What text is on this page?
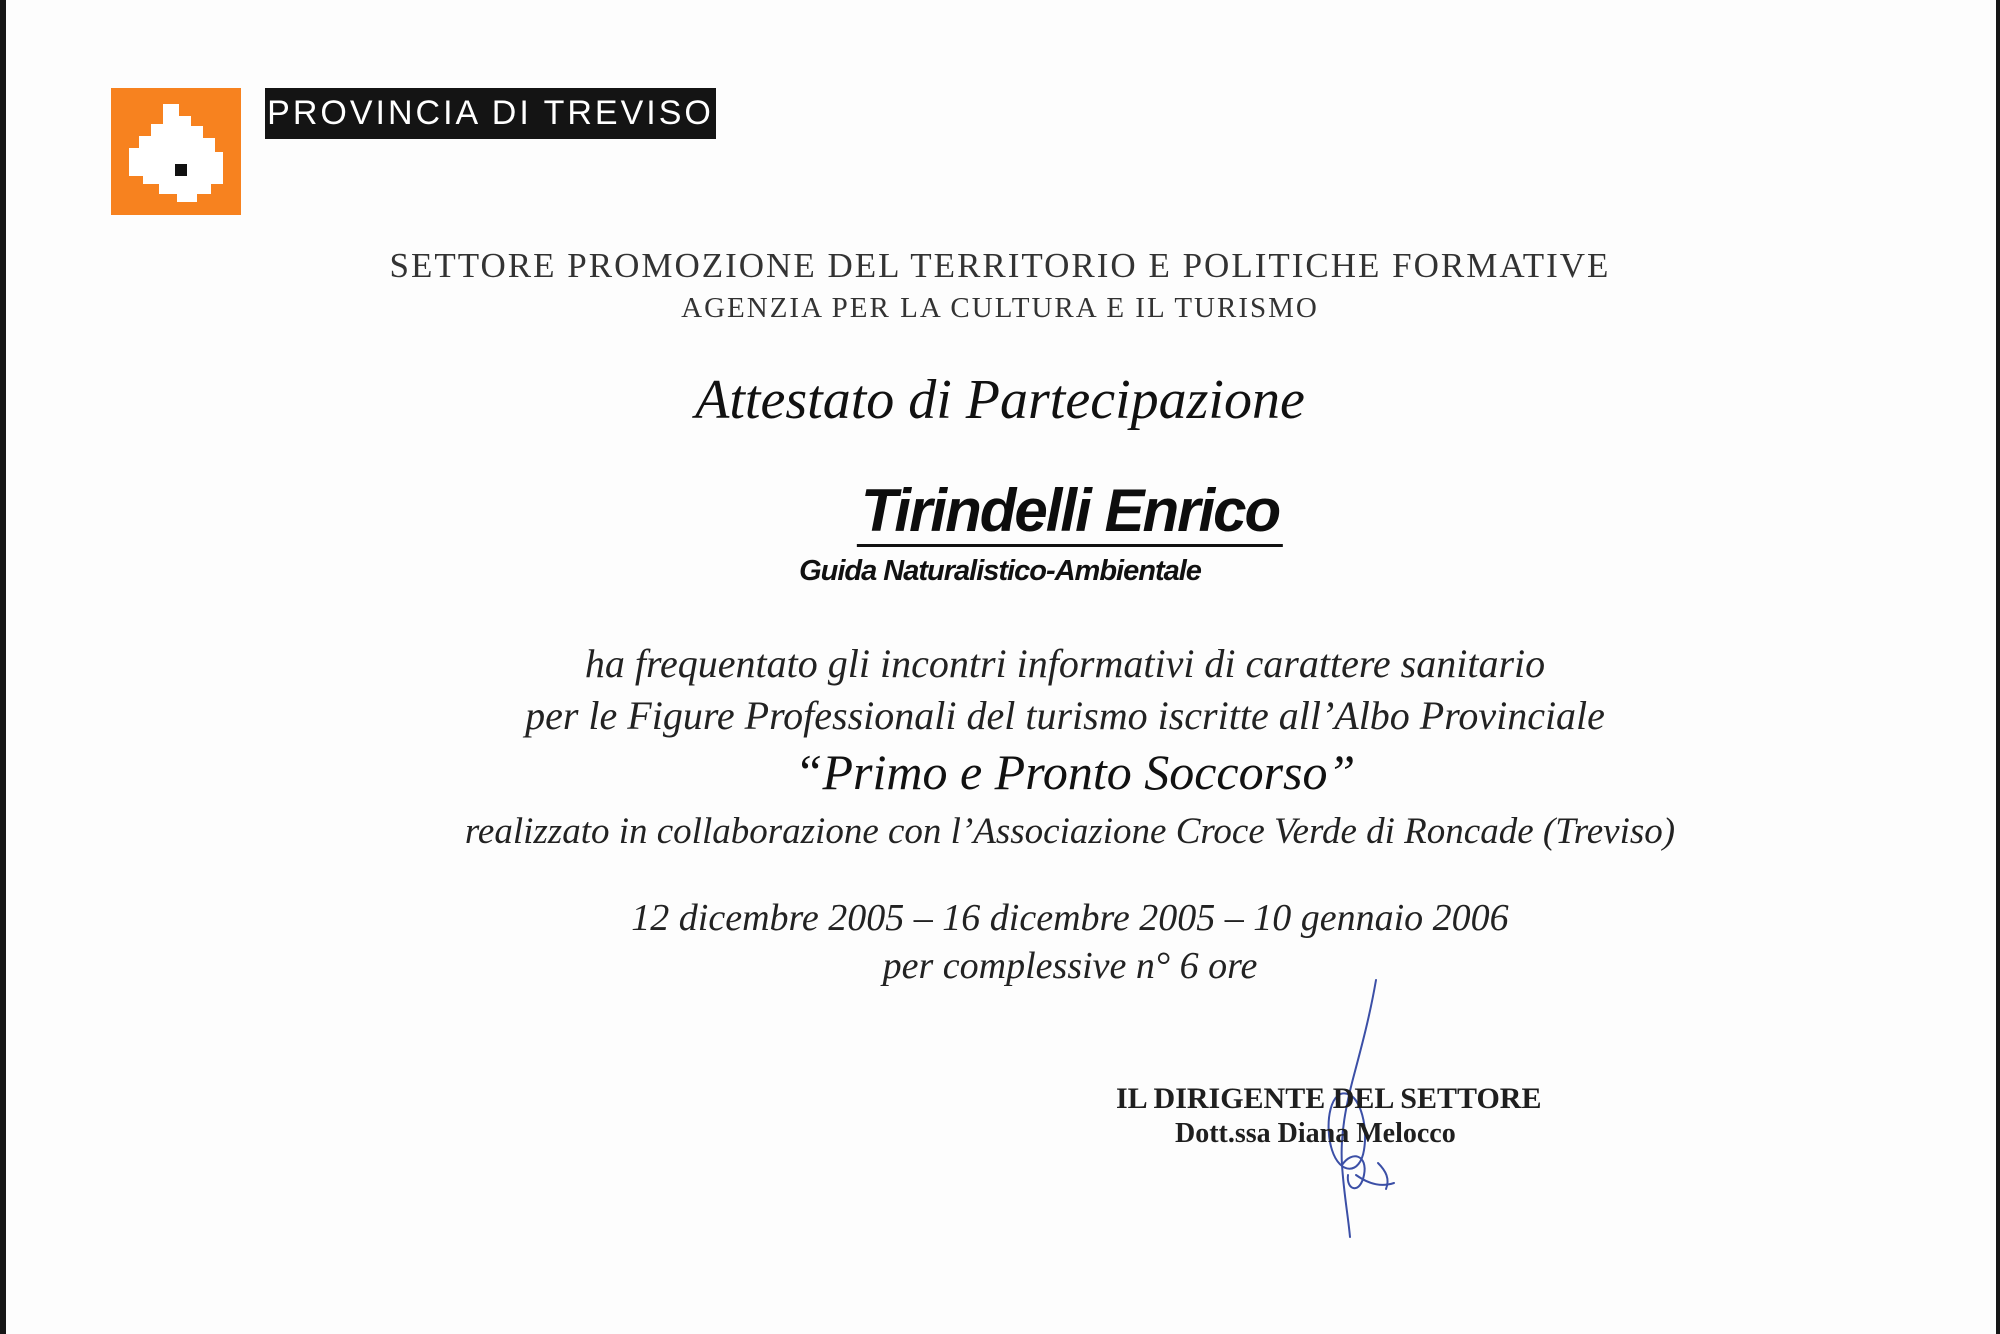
PROVINCIA DI TREVISO
SETTORE PROMOZIONE DEL TERRITORIO E POLITICHE FORMATIVE
AGENZIA PER LA CULTURA E IL TURISMO
Attestato di Partecipazione
Tirindelli Enrico
Guida Naturalistico-Ambientale
ha frequentato gli incontri informativi di carattere sanitario
per le Figure Professionali del turismo iscritte all’Albo Provinciale
“Primo e Pronto Soccorso”
realizzato in collaborazione con l’Associazione Croce Verde di Roncade (Treviso)
12 dicembre 2005 – 16 dicembre 2005 – 10 gennaio 2006
per complessive n° 6 ore
IL DIRIGENTE DEL SETTORE
Dott.ssa Diana Melocco
